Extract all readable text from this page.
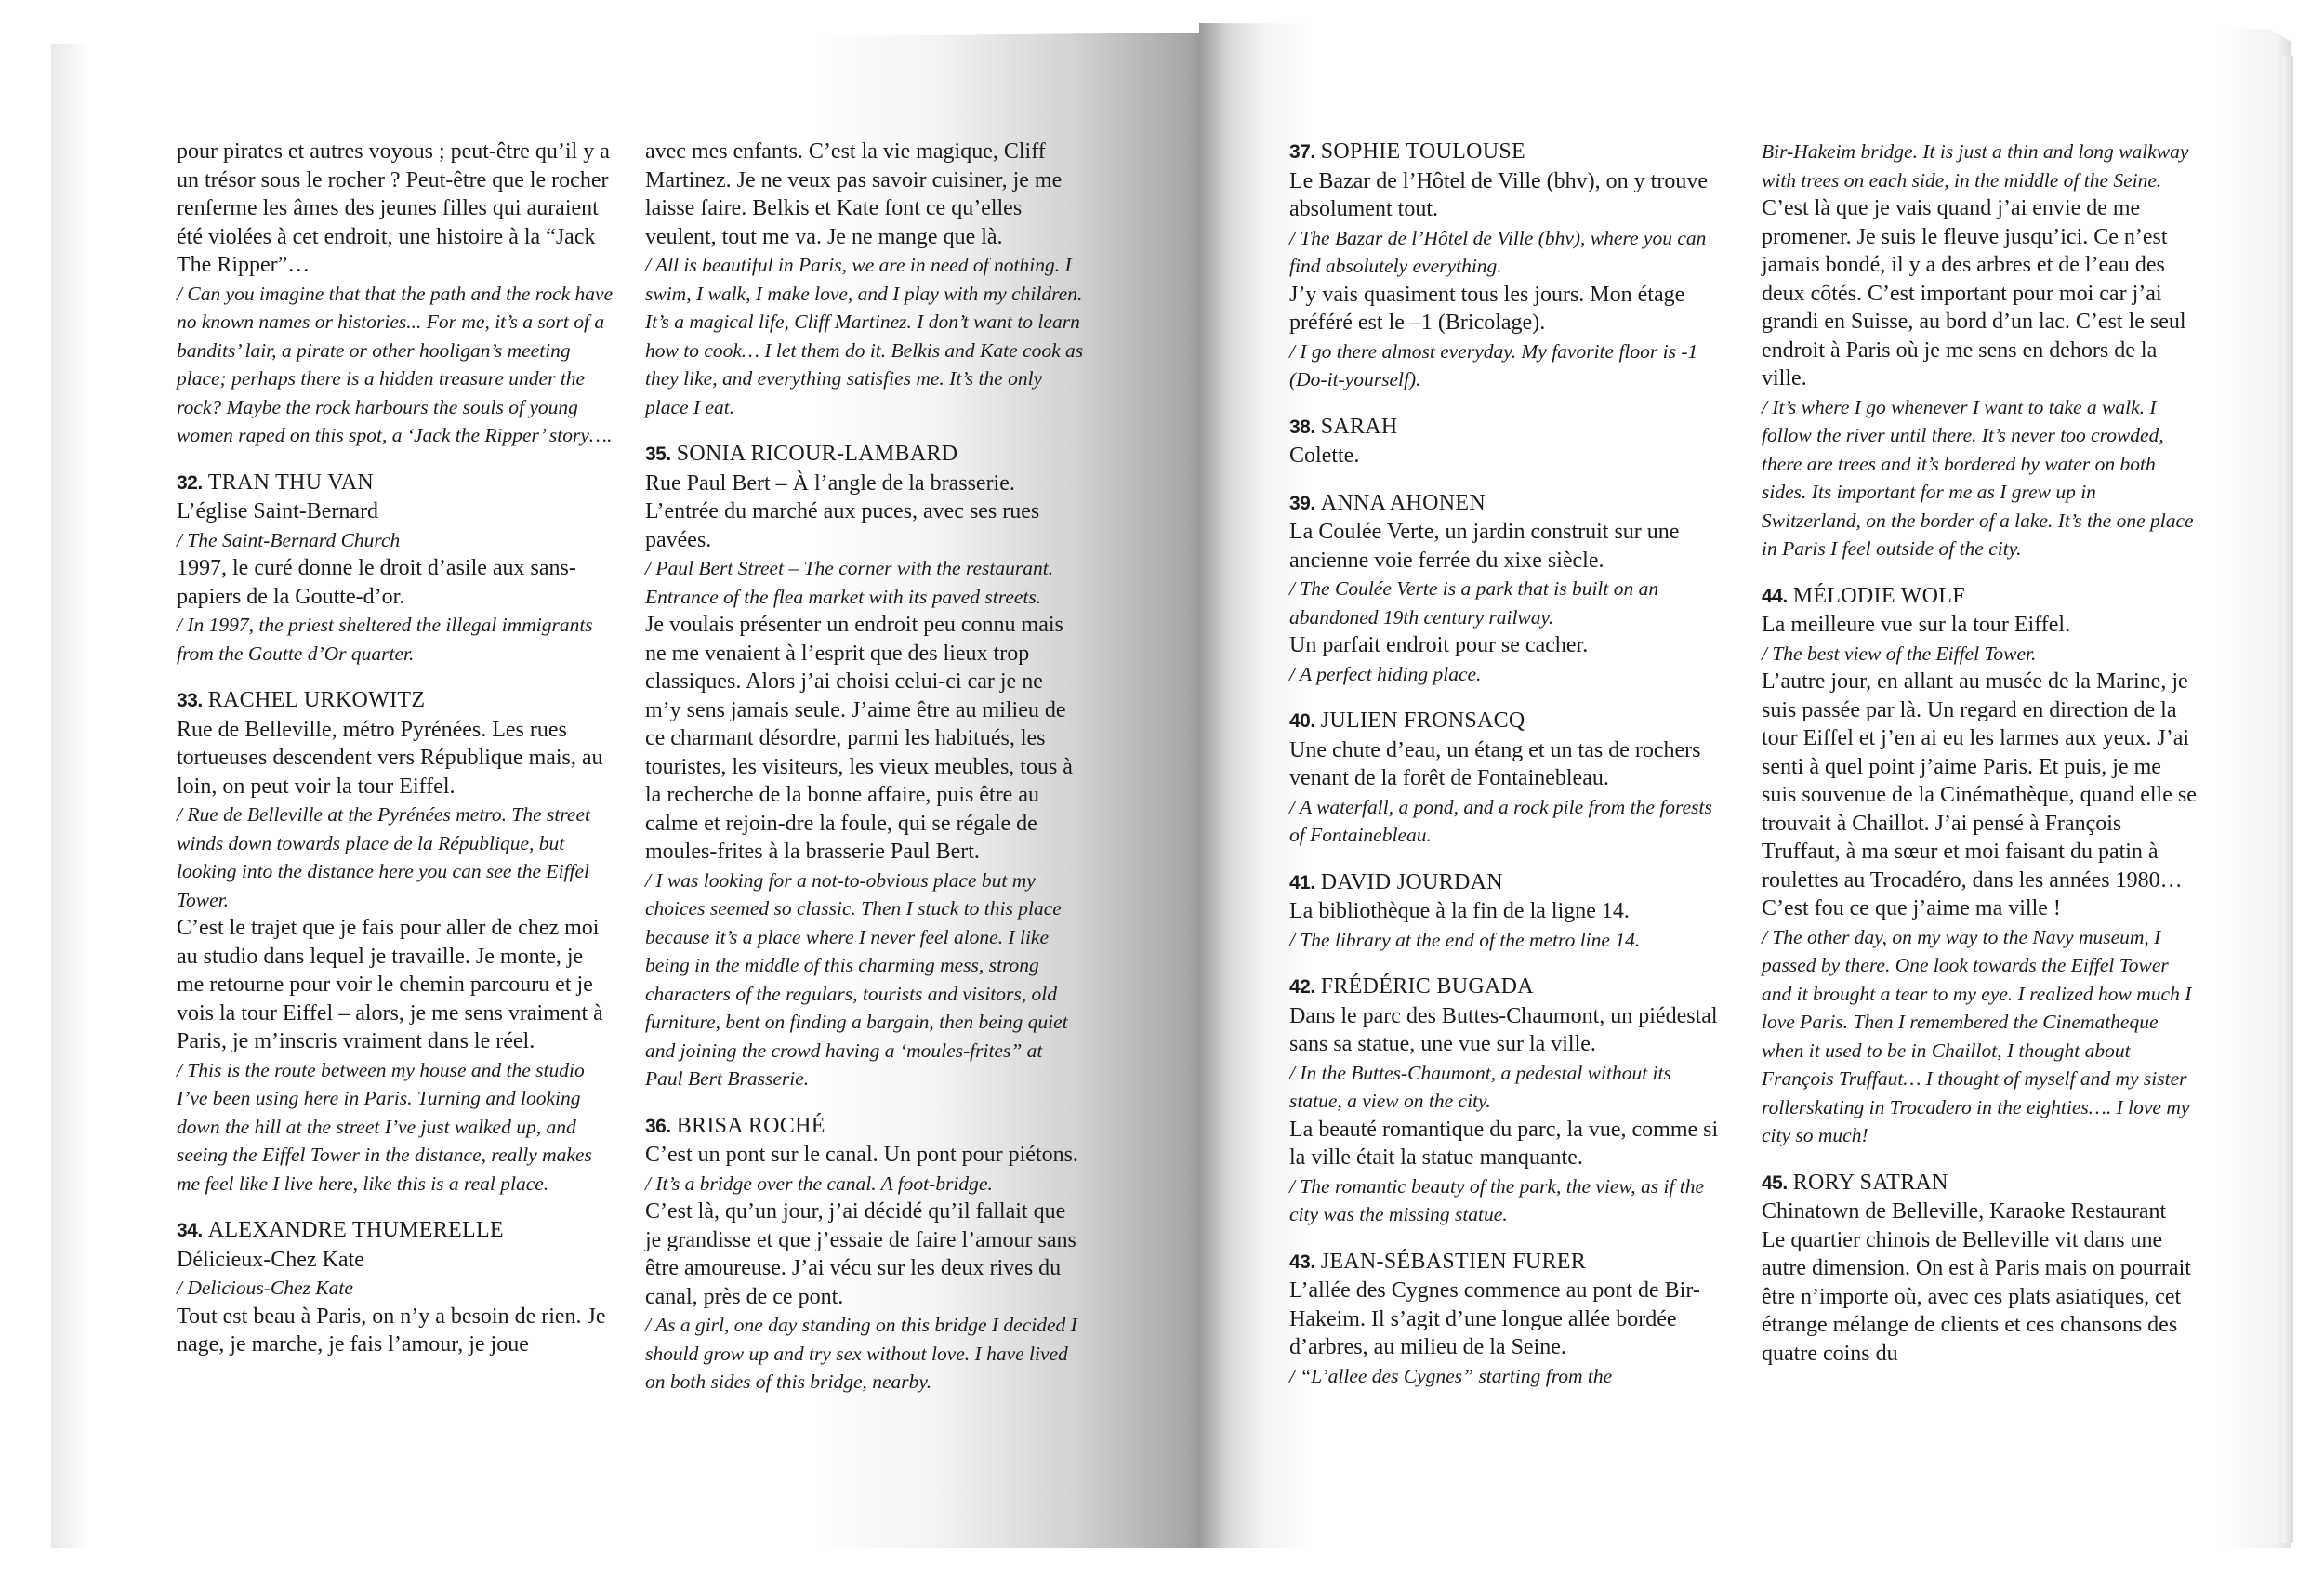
pour pirates et autres voyous ; peut-être qu’il y a un trésor sous le rocher ? Peut-être que le rocher renferme les âmes des jeunes filles qui auraient été violées à cet endroit, une histoire à la “Jack The Ripper”…

/ Can you imagine that that the path and the rock have no known names or histories... For me, it’s a sort of a bandits’ lair, a pirate or other hooligan’s meeting place; perhaps there is a hidden treasure under the rock? Maybe the rock harbours the souls of young women raped on this spot, a ‘Jack the Ripper’ story….

32. TRAN THU VAN

L’église Saint-Bernard

/ The Saint-Bernard Church

1997, le curé donne le droit d’asile aux sans-papiers de la Goutte-d’or.

/ In 1997, the priest sheltered the illegal immigrants from the Goutte d’Or quarter.

33. RACHEL URKOWITZ

Rue de Belleville, métro Pyrénées. Les rues tortueuses descendent vers République mais, au loin, on peut voir la tour Eiffel.

/ Rue de Belleville at the Pyrénées metro. The street winds down towards place de la République, but looking into the distance here you can see the Eiffel Tower.

C’est le trajet que je fais pour aller de chez moi au studio dans lequel je travaille. Je monte, je me retourne pour voir le chemin parcouru et je vois la tour Eiffel – alors, je me sens vraiment à Paris, je m’inscris vraiment dans le réel.

/ This is the route between my house and the studio I’ve been using here in Paris. Turning and looking down the hill at the street I’ve just walked up, and seeing the Eiffel Tower in the distance, really makes me feel like I live here, like this is a real place.

34. ALEXANDRE THUMERELLE

Délicieux-Chez Kate

/ Delicious-Chez Kate

Tout est beau à Paris, on n’y a besoin de rien. Je nage, je marche, je fais l’amour, je joue

avec mes enfants. C’est la vie magique, Cliff Martinez. Je ne veux pas savoir cuisiner, je me laisse faire. Belkis et Kate font ce qu’elles veulent, tout me va. Je ne mange que là.

/ All is beautiful in Paris, we are in need of nothing. I swim, I walk, I make love, and I play with my children. It’s a magical life, Cliff Martinez. I don’t want to learn how to cook… I let them do it. Belkis and Kate cook as they like, and everything satisfies me. It’s the only place I eat.

35. SONIA RICOUR-LAMBARD

Rue Paul Bert – À l’angle de la brasserie. L’entrée du marché aux puces, avec ses rues pavées.

/ Paul Bert Street – The corner with the restaurant. Entrance of the flea market with its paved streets.

Je voulais présenter un endroit peu connu mais ne me venaient à l’esprit que des lieux trop classiques. Alors j’ai choisi celui-ci car je ne m’y sens jamais seule. J’aime être au milieu de ce charmant désordre, parmi les habitués, les touristes, les visiteurs, les vieux meubles, tous à la recherche de la bonne affaire, puis être au calme et rejoin-dre la foule, qui se régale de moules-frites à la brasserie Paul Bert.

/ I was looking for a not-to-obvious place but my choices seemed so classic. Then I stuck to this place because it’s a place where I never feel alone. I like being in the middle of this charming mess, strong characters of the regulars, tourists and visitors, old furniture, bent on finding a bargain, then being quiet and joining the crowd having a ‘moules-frites” at Paul Bert Brasserie.

36. BRISA ROCHÉ

C’est un pont sur le canal. Un pont pour piétons.

/ It’s a bridge over the canal. A foot-bridge.

C’est là, qu’un jour, j’ai décidé qu’il fallait que je grandisse et que j’essaie de faire l’amour sans être amoureuse. J’ai vécu sur les deux rives du canal, près de ce pont.

/ As a girl, one day standing on this bridge I decided I should grow up and try sex without love. I have lived on both sides of this bridge, nearby.

37. SOPHIE TOULOUSE

Le Bazar de l’Hôtel de Ville (bhv), on y trouve absolument tout.

/ The Bazar de l’Hôtel de Ville (bhv), where you can find absolutely everything.

J’y vais quasiment tous les jours. Mon étage préféré est le –1 (Bricolage).

/ I go there almost everyday. My favorite floor is -1 (Do-it-yourself).

38. SARAH

Colette.

39. ANNA AHONEN

La Coulée Verte, un jardin construit sur une ancienne voie ferrée du xixe siècle.

/ The Coulée Verte is a park that is built on an abandoned 19th century railway.

Un parfait endroit pour se cacher.

/ A perfect hiding place.

40. JULIEN FRONSACQ

Une chute d’eau, un étang et un tas de rochers venant de la forêt de Fontainebleau.

/ A waterfall, a pond, and a rock pile from the forests of Fontainebleau.

41. DAVID JOURDAN

La bibliothèque à la fin de la ligne 14.

/ The library at the end of the metro line 14.

42. FRÉDÉRIC BUGADA

Dans le parc des Buttes-Chaumont, un piédestal sans sa statue, une vue sur la ville.

/ In the Buttes-Chaumont, a pedestal without its statue, a view on the city.

La beauté romantique du parc, la vue, comme si la ville était la statue manquante.

/ The romantic beauty of the park, the view, as if the city was the missing statue.

43. JEAN-SÉBASTIEN FURER

L’allée des Cygnes commence au pont de Bir-Hakeim. Il s’agit d’une longue allée bordée d’arbres, au milieu de la Seine.

/ “L’allee des Cygnes” starting from the

Bir-Hakeim bridge. It is just a thin and long walkway with trees on each side, in the middle of the Seine.

C’est là que je vais quand j’ai envie de me promener. Je suis le fleuve jusqu’ici. Ce n’est jamais bondé, il y a des arbres et de l’eau des deux côtés. C’est important pour moi car j’ai grandi en Suisse, au bord d’un lac. C’est le seul endroit à Paris où je me sens en dehors de la ville.

/ It’s where I go whenever I want to take a walk. I follow the river until there. It’s never too crowded, there are trees and it’s bordered by water on both sides. Its important for me as I grew up in Switzerland, on the border of a lake. It’s the one place in Paris I feel outside of the city.

44. MÉLODIE WOLF

La meilleure vue sur la tour Eiffel.

/ The best view of the Eiffel Tower.

L’autre jour, en allant au musée de la Marine, je suis passée par là. Un regard en direction de la tour Eiffel et j’en ai eu les larmes aux yeux. J’ai senti à quel point j’aime Paris. Et puis, je me suis souvenue de la Cinémathèque, quand elle se trouvait à Chaillot. J’ai pensé à François Truffaut, à ma sœur et moi faisant du patin à roulettes au Trocadéro, dans les années 1980… C’est fou ce que j’aime ma ville !

/ The other day, on my way to the Navy museum, I passed by there. One look towards the Eiffel Tower and it brought a tear to my eye. I realized how much I love Paris. Then I remembered the Cinematheque when it used to be in Chaillot, I thought about François Truffaut… I thought of myself and my sister rollerskating in Trocadero in the eighties…. I love my city so much!

45. RORY SATRAN

Chinatown de Belleville, Karaoke Restaurant

Le quartier chinois de Belleville vit dans une autre dimension. On est à Paris mais on pourrait être n’importe où, avec ces plats asiatiques, cet étrange mélange de clients et ces chansons des quatre coins du
